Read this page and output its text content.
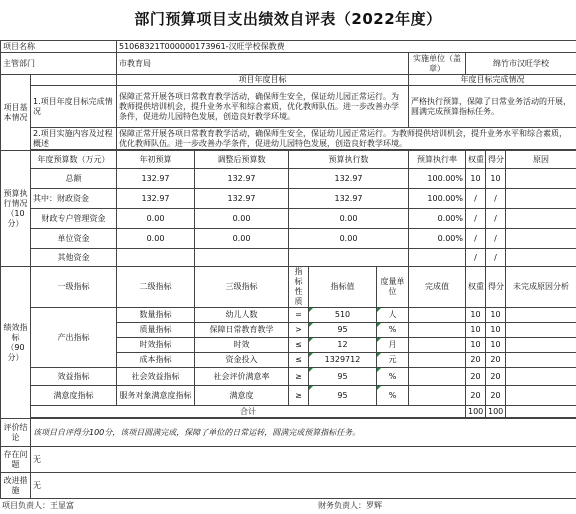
部门预算项目支出绩效自评表（2022年度）
项目名称		51068321T000000173961-汉旺学校保教费								
主管部门		市教育局					实施单位（盖章）	绵竹市汉旺学校		
项目基本情况		项目年度目标					年度目标完成情况			
	1.项目年度目标完成情况	保障正常开展各项日常教育教学活动，确保师生安全，保证幼儿园正常运行。为教师提供培训机会，提升业务水平和综合素质，优化教师队伍。进一步改善办学条件，促进幼儿园特色发展，创造良好教学环境。					严格执行预算，保障了日常业务活动的开展，圆满完成预算指标任务。			
	2.项目实施内容及过程概述	保障正常开展各项日常教育教学活动，确保师生安全，保证幼儿园正常运行。为教师提供培训机会，提升业务水平和综合素质，优化教师队伍。进一步改善办学条件，促进幼儿园特色发展，创造良好教学环境。								

预算执行情况（10分）	年度预算数（万元）	年初预算	调整后预算数	预算执行数			预算执行率	权重	得分	原因
	总额	132.97	132.97	132.97			100.00%	10	10	
	其中：财政资金	132.97	132.97	132.97			100.00%	/	/	
	财政专户管理资金	0.00	0.00	0.00			0.00%	/	/	
	单位资金	0.00	0.00	0.00			0.00%	/	/	
	其他资金							/	/	
绩效指标（90分）	一级指标	二级指标	三级指标	指标性质	指标值	度量单位	完成值	权重	得分	未完成原因分析
	产出指标	数量指标	幼儿人数	=	510	人		10	10	
		质量指标	保障日常教育教学	>	95	%		10	10	
		时效指标	时效	≤	12	月		10	10	
		成本指标	资金投入	≤	1329712	元		20	20	
	效益指标	社会效益指标	社会评价满意率	≥	95	%		20	20	
	满意度指标	服务对象满意度指标	满意度	≥	95	%		20	20	
	合计							100	100	

评价结论	该项目自评得分100分，该项目圆满完成，保障了单位的日常运转，圆满完成预算指标任务。									
存在问题	无									
改进措施	无									
项目负责人：王显富	财务负责人：罗辉
